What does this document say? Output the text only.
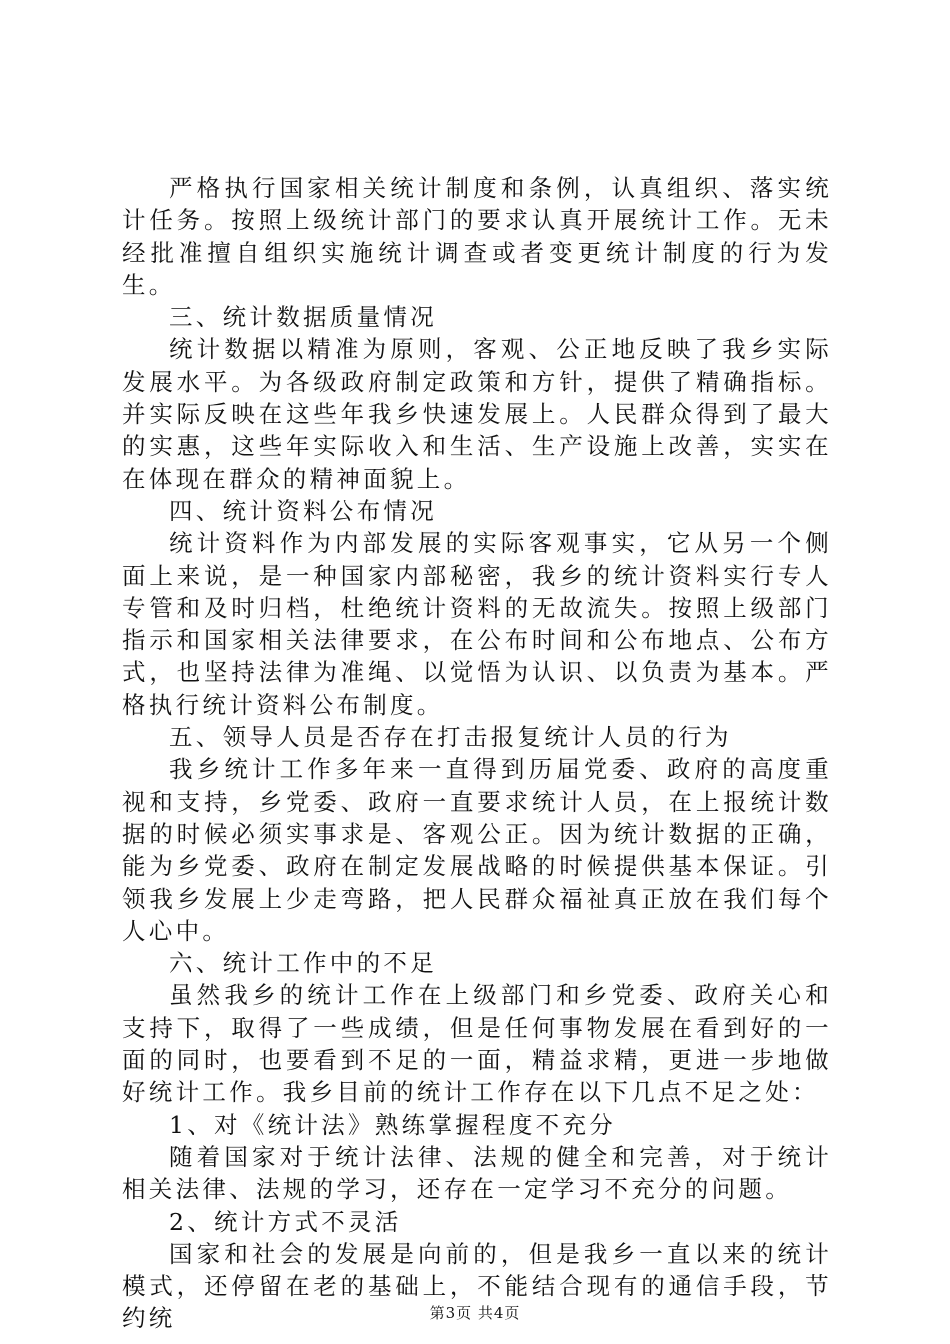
严格执行国家相关统计制度和条例，认真组织、落实统计任务。按照上级统计部门的要求认真开展统计工作。无未经批准擅自组织实施统计调查或者变更统计制度的行为发生。

三、统计数据质量情况

统计数据以精准为原则，客观、公正地反映了我乡实际发展水平。为各级政府制定政策和方针，提供了精确指标。并实际反映在这些年我乡快速发展上。人民群众得到了最大的实惠，这些年实际收入和生活、生产设施上改善，实实在在体现在群众的精神面貌上。

四、统计资料公布情况

统计资料作为内部发展的实际客观事实，它从另一个侧面上来说，是一种国家内部秘密，我乡的统计资料实行专人专管和及时归档，杜绝统计资料的无故流失。按照上级部门指示和国家相关法律要求，在公布时间和公布地点、公布方式，也坚持法律为准绳、以觉悟为认识、以负责为基本。严格执行统计资料公布制度。

五、领导人员是否存在打击报复统计人员的行为

我乡统计工作多年来一直得到历届党委、政府的高度重视和支持，乡党委、政府一直要求统计人员，在上报统计数据的时候必须实事求是、客观公正。因为统计数据的正确，能为乡党委、政府在制定发展战略的时候提供基本保证。引领我乡发展上少走弯路，把人民群众福祉真正放在我们每个人心中。

六、统计工作中的不足

虽然我乡的统计工作在上级部门和乡党委、政府关心和支持下，取得了一些成绩，但是任何事物发展在看到好的一面的同时，也要看到不足的一面，精益求精，更进一步地做好统计工作。我乡目前的统计工作存在以下几点不足之处：

1、对《统计法》熟练掌握程度不充分

随着国家对于统计法律、法规的健全和完善，对于统计相关法律、法规的学习，还存在一定学习不充分的问题。

2、统计方式不灵活

国家和社会的发展是向前的，但是我乡一直以来的统计模式，还停留在老的基础上，不能结合现有的通信手段，节约统	第3页 共4页
